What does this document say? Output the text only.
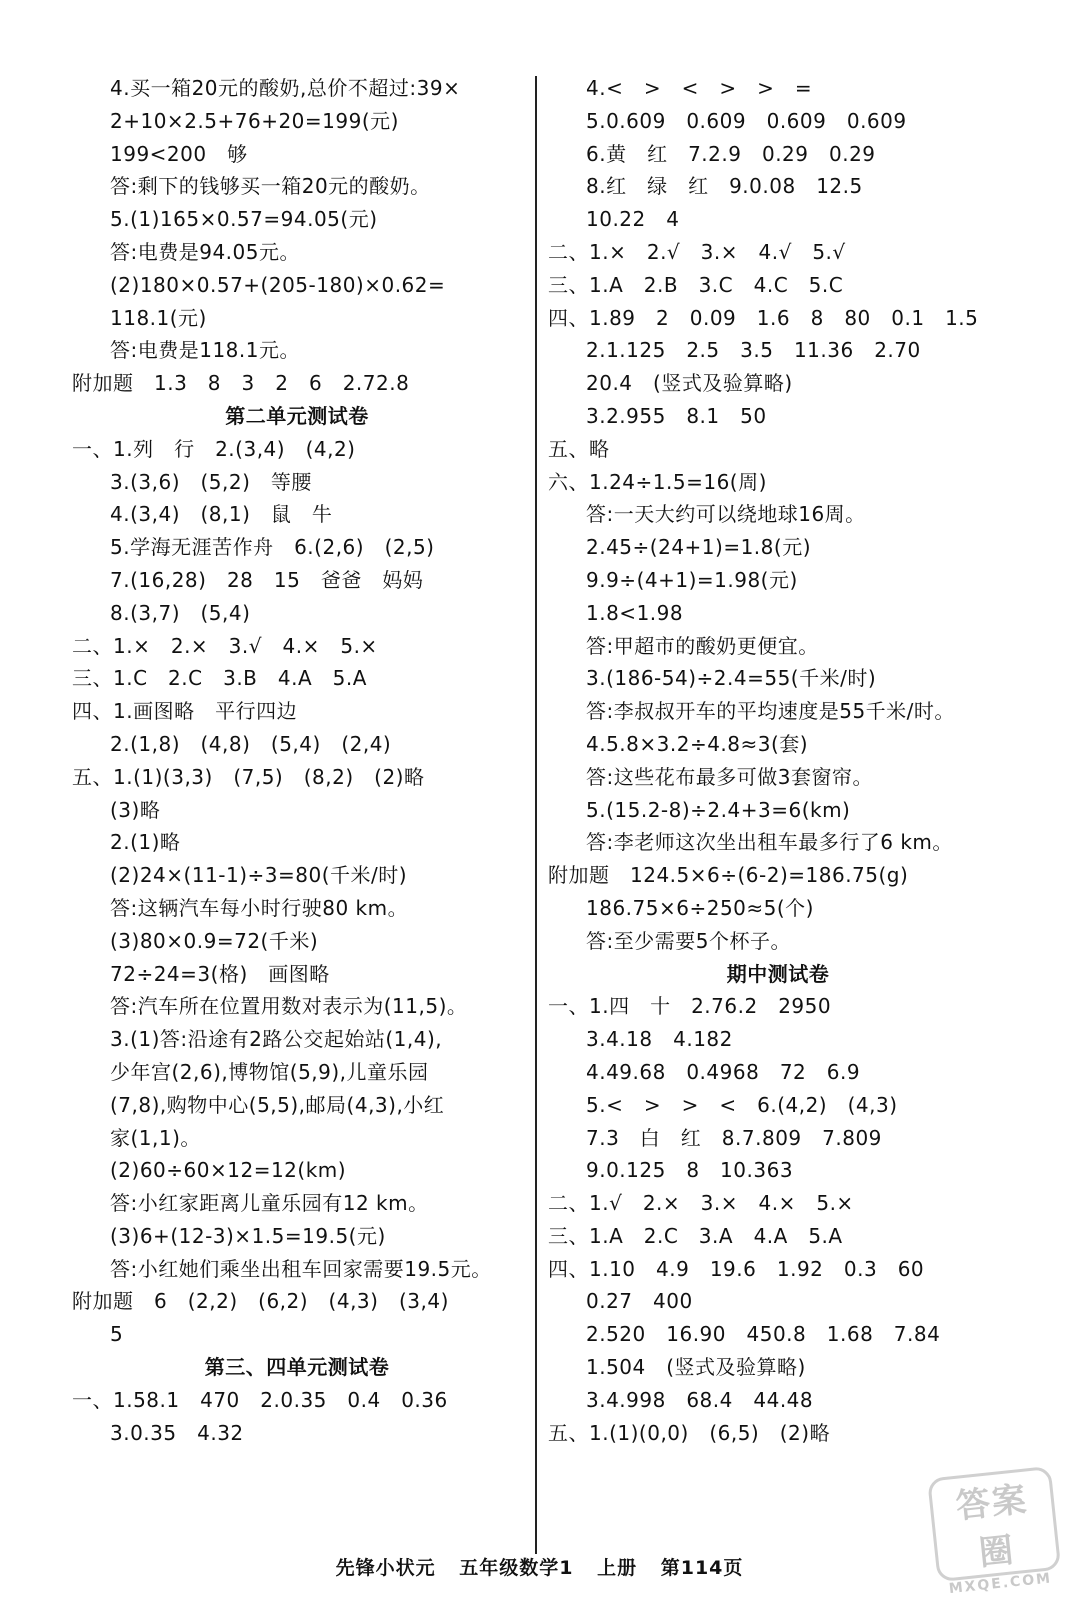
4.买一箱20元的酸奶,总价不超过:39×
2+10×2.5+76+20=199(元)
199<200　够
答:剩下的钱够买一箱20元的酸奶。
5.(1)165×0.57=94.05(元)
答:电费是94.05元。
(2)180×0.57+(205-180)×0.62=
118.1(元)
答:电费是118.1元。
附加题　1.3　8　3　2　6　2.72.8
第二单元测试卷
一、1.列　行　2.(3,4)　(4,2)
3.(3,6)　(5,2)　等腰
4.(3,4)　(8,1)　鼠　牛
5.学海无涯苦作舟　6.(2,6)　(2,5)
7.(16,28)　28　15　爸爸　妈妈
8.(3,7)　(5,4)
二、1.×　2.×　3.√　4.×　5.×
三、1.C　2.C　3.B　4.A　5.A
四、1.画图略　平行四边
2.(1,8)　(4,8)　(5,4)　(2,4)
五、1.(1)(3,3)　(7,5)　(8,2)　(2)略
(3)略
2.(1)略
(2)24×(11-1)÷3=80(千米/时)
答:这辆汽车每小时行驶80 km。
(3)80×0.9=72(千米)
72÷24=3(格)　画图略
答:汽车所在位置用数对表示为(11,5)。
3.(1)答:沿途有2路公交起始站(1,4),
少年宫(2,6),博物馆(5,9),儿童乐园
(7,8),购物中心(5,5),邮局(4,3),小红
家(1,1)。
(2)60÷60×12=12(km)
答:小红家距离儿童乐园有12 km。
(3)6+(12-3)×1.5=19.5(元)
答:小红她们乘坐出租车回家需要19.5元。
附加题　6　(2,2)　(6,2)　(4,3)　(3,4)
5
第三、四单元测试卷
一、1.58.1　470　2.0.35　0.4　0.36
3.0.35　4.32
4.<　>　<　>　>　=
5.0.609　0.609　0.609　0.609
6.黄　红　7.2.9　0.29　0.29
8.红　绿　红　9.0.08　12.5
10.22　4
二、1.×　2.√　3.×　4.√　5.√
三、1.A　2.B　3.C　4.C　5.C
四、1.89　2　0.09　1.6　8　80　0.1　1.5
2.1.125　2.5　3.5　11.36　2.70
20.4　(竖式及验算略)
3.2.955　8.1　50
五、略
六、1.24÷1.5=16(周)
答:一天大约可以绕地球16周。
2.45÷(24+1)=1.8(元)
9.9÷(4+1)=1.98(元)
1.8<1.98
答:甲超市的酸奶更便宜。
3.(186-54)÷2.4=55(千米/时)
答:李叔叔开车的平均速度是55千米/时。
4.5.8×3.2÷4.8≈3(套)
答:这些花布最多可做3套窗帘。
5.(15.2-8)÷2.4+3=6(km)
答:李老师这次坐出租车最多行了6 km。
附加题　124.5×6÷(6-2)=186.75(g)
186.75×6÷250≈5(个)
答:至少需要5个杯子。
期中测试卷
一、1.四　十　2.76.2　2950
3.4.18　4.182
4.49.68　0.4968　72　6.9
5.<　>　>　<　6.(4,2)　(4,3)
7.3　白　红　8.7.809　7.809
9.0.125　8　10.363
二、1.√　2.×　3.×　4.×　5.×
三、1.A　2.C　3.A　4.A　5.A
四、1.10　4.9　19.6　1.92　0.3　60
0.27　400
2.520　16.90　450.8　1.68　7.84
1.504　(竖式及验算略)
3.4.998　68.4　44.48
五、1.(1)(0,0)　(6,5)　(2)略
先锋小状元 五年级数学1 上册 第114页
答案圈
MXQE.COM
